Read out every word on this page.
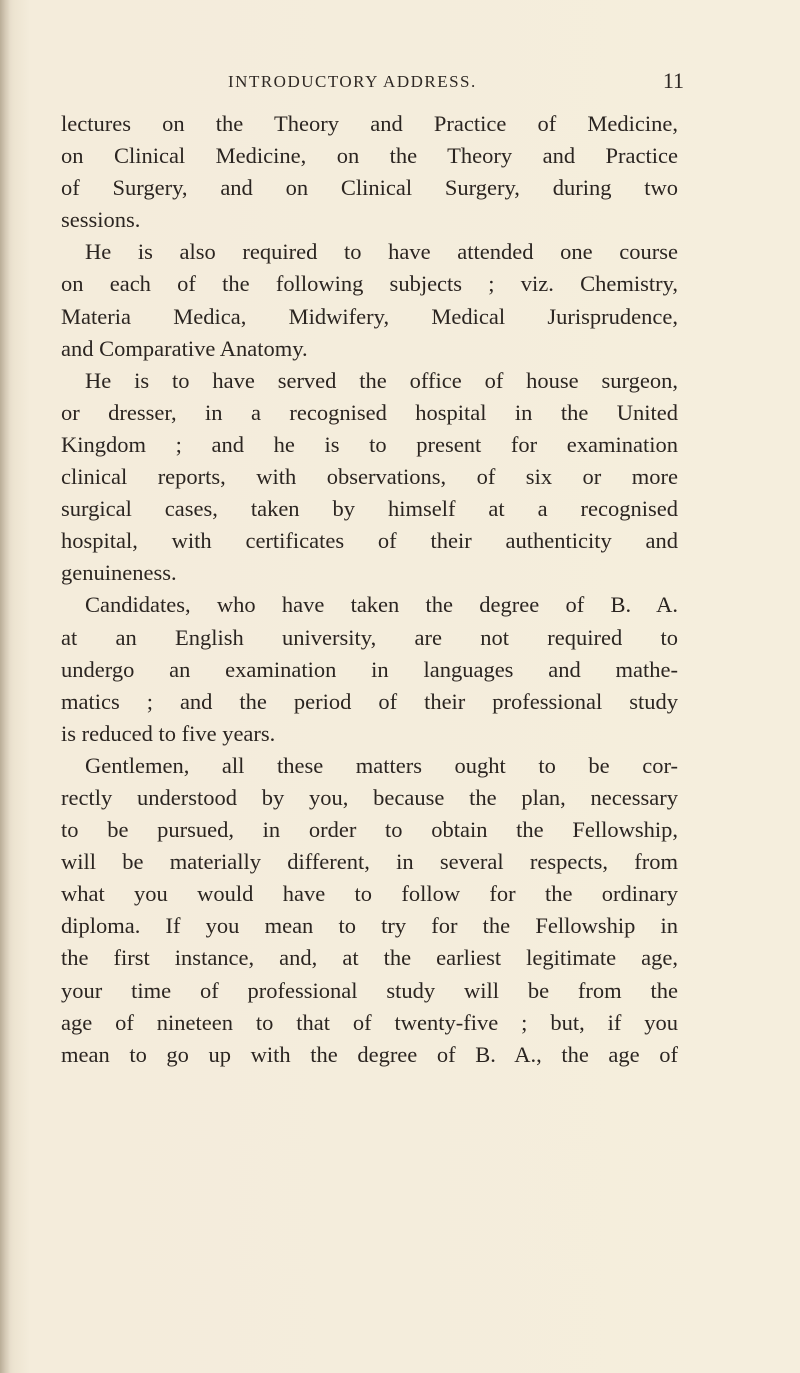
INTRODUCTORY ADDRESS.	11
lectures on the Theory and Practice of Medicine,
on Clinical Medicine, on the Theory and Practice
of Surgery, and on Clinical Surgery, during two
sessions.
He is also required to have attended one course
on each of the following subjects ; viz. Chemistry,
Materia Medica, Midwifery, Medical Jurisprudence,
and Comparative Anatomy.
He is to have served the office of house surgeon,
or dresser, in a recognised hospital in the United
Kingdom ; and he is to present for examination
clinical reports, with observations, of six or more
surgical cases, taken by himself at a recognised
hospital, with certificates of their authenticity and
genuineness.
Candidates, who have taken the degree of B. A.
at an English university, are not required to
undergo an examination in languages and mathe-
matics ; and the period of their professional study
is reduced to five years.
Gentlemen, all these matters ought to be cor-
rectly understood by you, because the plan, necessary
to be pursued, in order to obtain the Fellowship,
will be materially different, in several respects, from
what you would have to follow for the ordinary
diploma. If you mean to try for the Fellowship in
the first instance, and, at the earliest legitimate age,
your time of professional study will be from the
age of nineteen to that of twenty-five ; but, if you
mean to go up with the degree of B. A., the age of
